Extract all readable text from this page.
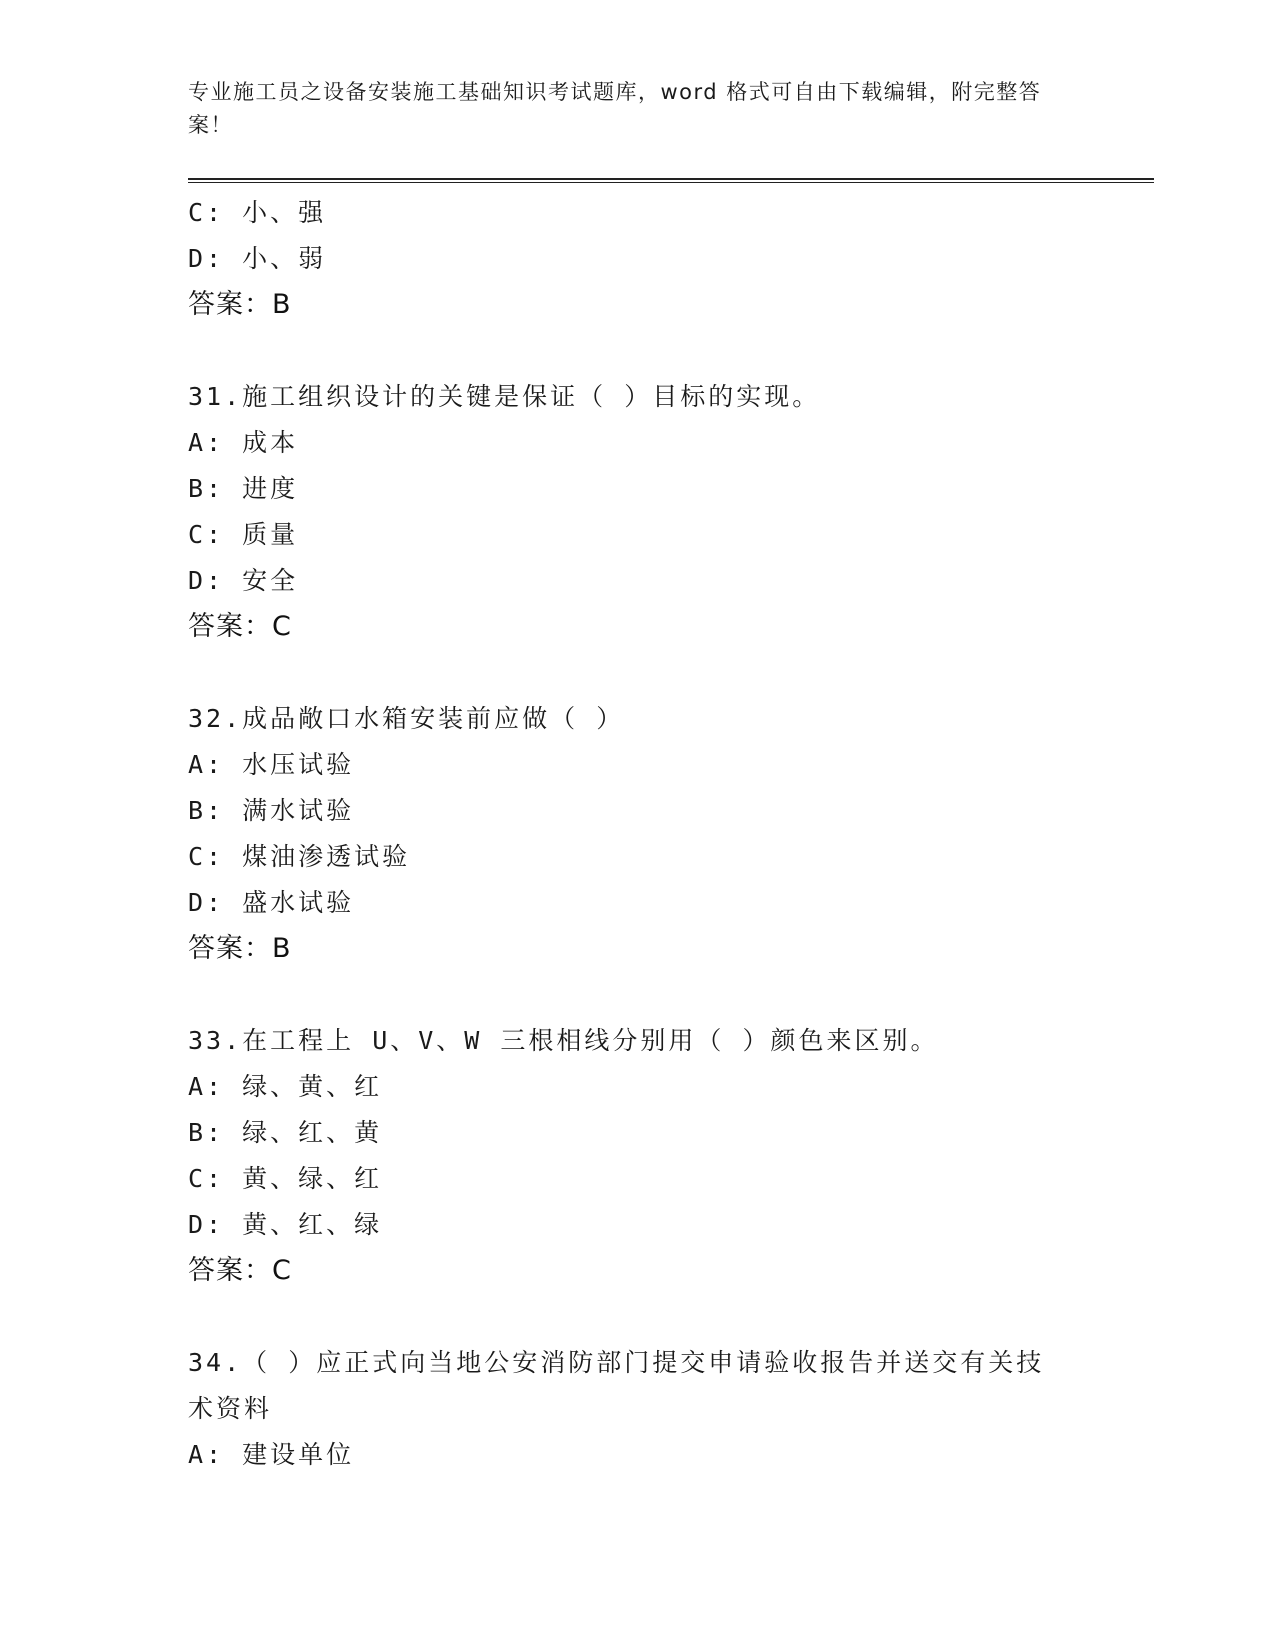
专业施工员之设备安装施工基础知识考试题库，word 格式可自由下载编辑，附完整答案！

C: 小、强
D: 小、弱
答案：B
31.施工组织设计的关键是保证（ ）目标的实现。
A: 成本
B: 进度
C: 质量
D: 安全
答案：C
32.成品敞口水箱安装前应做（ ）
A: 水压试验
B: 满水试验
C: 煤油渗透试验
D: 盛水试验
答案：B
33.在工程上 U、V、W 三根相线分别用（ ）颜色来区别。
A: 绿、黄、红
B: 绿、红、黄
C: 黄、绿、红
D: 黄、红、绿
答案：C
34.（ ）应正式向当地公安消防部门提交申请验收报告并送交有关技
术资料
A: 建设单位
